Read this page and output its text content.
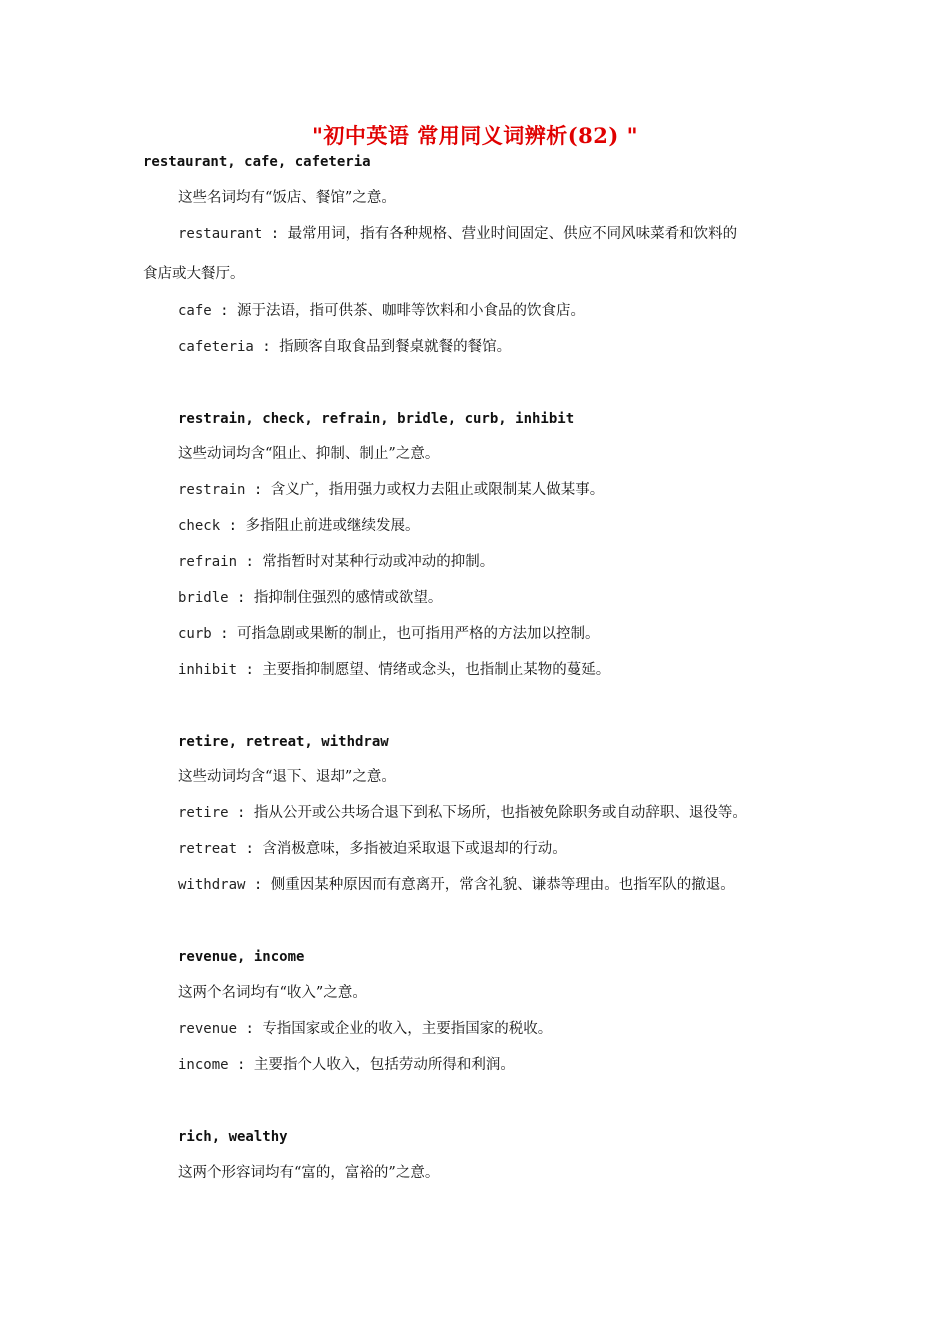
"初中英语 常用同义词辨析(82) "
restaurant, cafe, cafeteria
这些名词均有“饭店、餐馆”之意。
restaurant : 最常用词，指有各种规格、营业时间固定、供应不同风味菜肴和饮料的
食店或大餐厅。
cafe : 源于法语，指可供茶、咖啡等饮料和小食品的饮食店。
cafeteria : 指顾客自取食品到餐桌就餐的餐馆。
restrain, check, refrain, bridle, curb, inhibit
这些动词均含“阻止、抑制、制止”之意。
restrain : 含义广，指用强力或权力去阻止或限制某人做某事。
check : 多指阻止前进或继续发展。
refrain : 常指暂时对某种行动或冲动的抑制。
bridle : 指抑制住强烈的感情或欲望。
curb : 可指急剧或果断的制止，也可指用严格的方法加以控制。
inhibit : 主要指抑制愿望、情绪或念头，也指制止某物的蔓延。
retire, retreat, withdraw
这些动词均含“退下、退却”之意。
retire : 指从公开或公共场合退下到私下场所，也指被免除职务或自动辞职、退役等。
retreat : 含消极意味，多指被迫采取退下或退却的行动。
withdraw : 侧重因某种原因而有意离开，常含礼貌、谦恭等理由。也指军队的撤退。
revenue, income
这两个名词均有“收入”之意。
revenue : 专指国家或企业的收入，主要指国家的税收。
income : 主要指个人收入，包括劳动所得和利润。
rich, wealthy
这两个形容词均有“富的，富裕的”之意。
